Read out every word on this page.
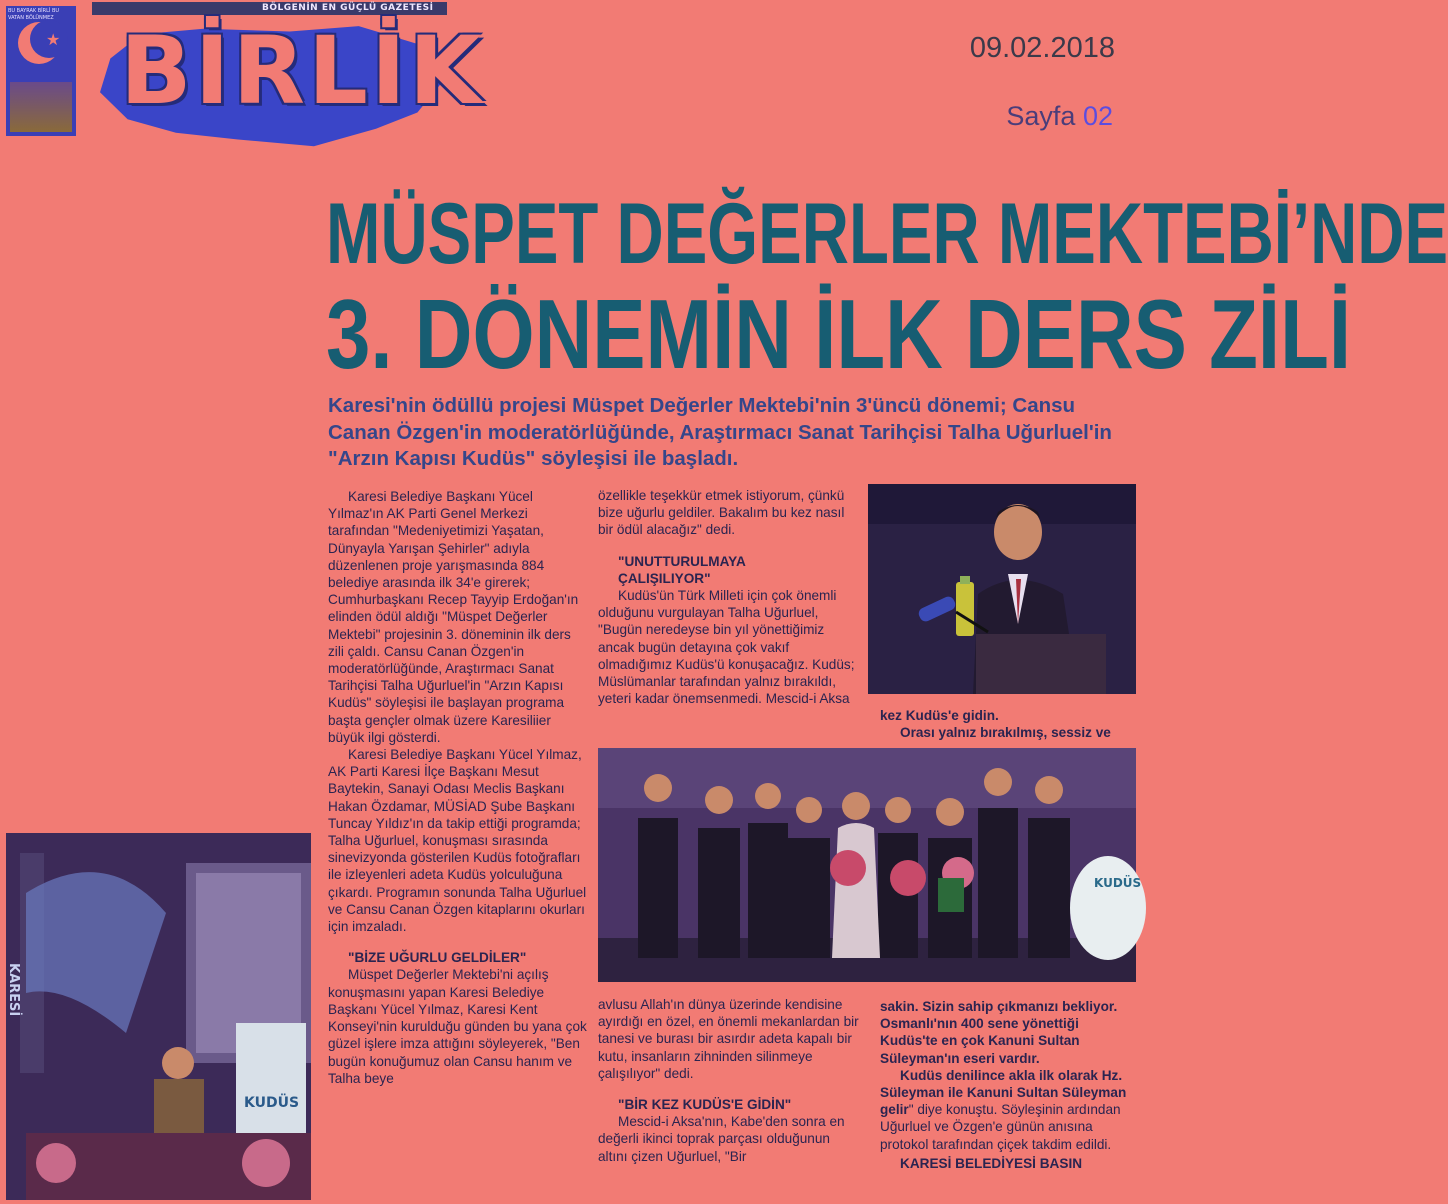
★
BU BAYRAK BİRLİ BU VATAN BÖLÜNMEZ
BÖLGENİN EN GÜÇLÜ GAZETESİ
BİRLİK	09.02.2018
Sayfa 02
MÜSPET DEĞERLER MEKTEBİ’NDE
3. DÖNEMİN İLK DERS ZİLİ
Karesi'nin ödüllü projesi Müspet Değerler Mektebi'nin 3'üncü dönemi; Cansu Canan Özgen'in moderatörlüğünde, Araştırmacı Sanat Tarihçisi Talha Uğurluel'in "Arzın Kapısı Kudüs" söyleşisi ile başladı.

Karesi Belediye Başkanı Yücel Yılmaz'ın AK Parti Genel Merkezi tarafından "Medeniyetimizi Yaşatan, Dünyayla Yarışan Şehirler" adıyla düzenlenen proje yarışmasında 884 belediye arasında ilk 34'e girerek; Cumhurbaşkanı Recep Tayyip Erdoğan'ın elinden ödül aldığı "Müspet Değerler Mektebi" projesinin 3. döneminin ilk ders zili çaldı. Cansu Canan Özgen'in moderatörlüğünde, Araştırmacı Sanat Tarihçisi Talha Uğurluel'in "Arzın Kapısı Kudüs" söyleşisi ile başlayan programa başta gençler olmak üzere Karesiliier büyük ilgi gösterdi.

Karesi Belediye Başkanı Yücel Yılmaz, AK Parti Karesi İlçe Başkanı Mesut Baytekin, Sanayi Odası Meclis Başkanı Hakan Özdamar, MÜSİAD Şube Başkanı Tuncay Yıldız'ın da takip ettiği programda; Talha Uğurluel, konuşması sırasında sinevizyonda gösterilen Kudüs fotoğrafları ile izleyenleri adeta Kudüs yolculuğuna çıkardı. Programın sonunda Talha Uğurluel ve Cansu Canan Özgen kitaplarını okurları için imzaladı.

"BİZE UĞURLU GELDİLER"

Müspet Değerler Mektebi'ni açılış konuşmasını yapan Karesi Belediye Başkanı Yücel Yılmaz, Karesi Kent Konseyi'nin kurulduğu günden bu yana çok güzel işlere imza attığını söyleyerek, "Ben bugün konuğumuz olan Cansu hanım ve Talha beye

özellikle teşekkür etmek istiyorum, çünkü bize uğurlu geldiler. Bakalım bu kez nasıl bir ödül alacağız" dedi.

"UNUTTURULMAYA ÇALIŞILIYOR"

Kudüs'ün Türk Milleti için çok önemli olduğunu vurgulayan Talha Uğurluel, "Bugün neredeyse bin yıl yönettiğimiz ancak bugün detayına çok vakıf olmadığımız Kudüs'ü konuşacağız. Kudüs; Müslümanlar tarafından yalnız bırakıldı, yeteri kadar önemsenmedi. Mescid-i Aksa

avlusu Allah'ın dünya üzerinde kendisine ayırdığı en özel, en önemli mekanlardan bir tanesi ve burası bir asırdır adeta kapalı bir kutu, insanların zihninden silinmeye çalışılıyor" dedi.

"BİR KEZ KUDÜS'E GİDİN"

Mescid-i Aksa'nın, Kabe'den sonra en değerli ikinci toprak parçası olduğunun altını çizen Uğurluel, "Bir

kez Kudüs'e gidin.

Orası yalnız bırakılmış, sessiz ve

sakin. Sizin sahip çıkmanızı bekliyor. Osmanlı'nın 400 sene yönettiği Kudüs'te en çok Kanuni Sultan Süleyman'ın eseri vardır.

Kudüs denilince akla ilk olarak Hz. Süleyman ile Kanuni Sultan Süleyman gelir" diye konuştu. Söyleşinin ardından Uğurluel ve Özgen'e günün anısına protokol tarafından çiçek takdim edildi.

KARESİ BELEDİYESİ BASIN
KUDÜS
KUDÜS
KARESİ
